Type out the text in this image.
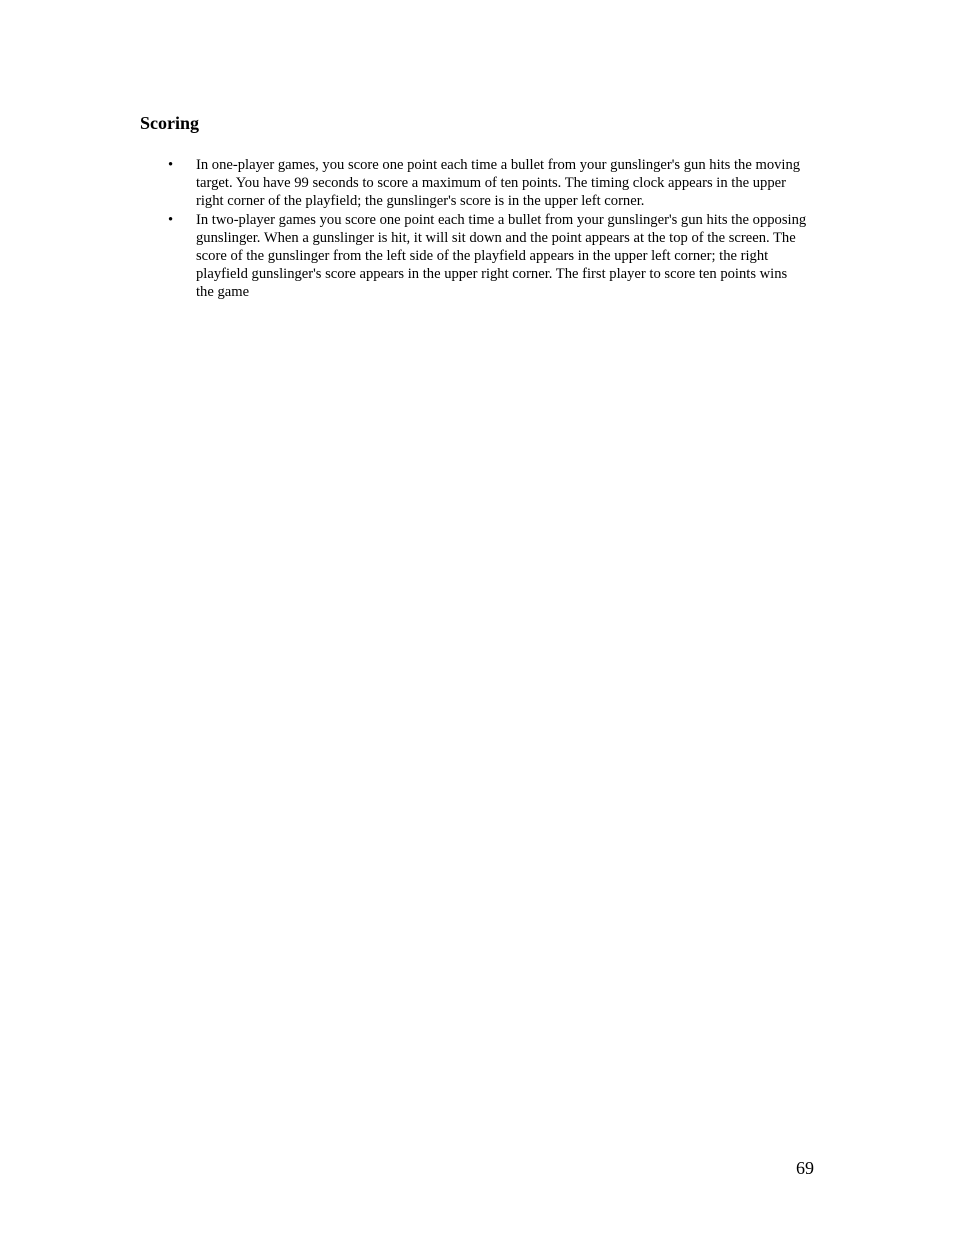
Scoring
•	In one-player games, you score one point each time a bullet from your gunslinger's gun hits the moving target. You have 99 seconds to score a maximum of ten points. The timing clock appears in the upper right corner of the playfield; the gunslinger's score is in the upper left corner.
•	In two-player games you score one point each time a bullet from your gunslinger's gun hits the opposing gunslinger. When a gunslinger is hit, it will sit down and the point appears at the top of the screen. The score of the gunslinger from the left side of the playfield appears in the upper left corner; the right playfield gunslinger's score appears in the upper right corner. The first player to score ten points wins the game
69
